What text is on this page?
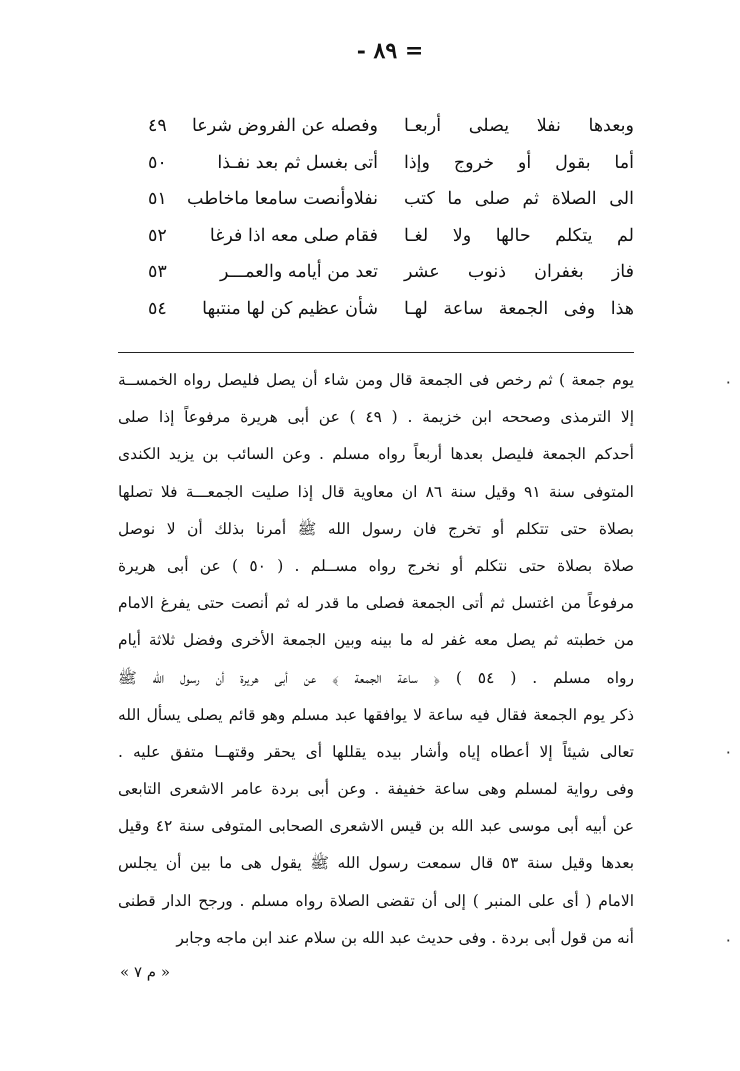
= ٨٩ -
وبعدها نفلا يصلى أربعـا
وفصله عن الفروض شرعا
٤٩
أما بقول أو خروج وإذا
أتى بغسل ثم بعد نفـذا
٥٠
الى الصلاة ثم صلى ما كتب
نفلاوأنصت سامعا ماخاطب
٥١
لم يتكلم حالها ولا لغـا
فقام صلى معه اذا فرغا
٥٢
فاز بغفران ذنوب عشر
تعد من أيامه والعمـــر
٥٣
هذا وفى الجمعة ساعة لهـا
شأن عظيم كن لها منتبها
٥٤
يوم جمعة ) ثم رخص فى الجمعة قال ومن شاء أن يصل فليصل رواه الخمســة
إلا الترمذى وصححه ابن خزيمة . ( ٤٩ ) عن أبى هريرة مرفوعاً إذا صلى
أحدكم الجمعة فليصل بعدها أربعاً رواه مسلم . وعن السائب بن يزيد الكندى
المتوفى سنة ٩١ وقيل سنة ٨٦ ان معاوية قال إذا صليت الجمعـــة فلا تصلها
بصلاة حتى تتكلم أو تخرج فان رسول الله ﷺ أمرنا بذلك أن لا نوصل
صلاة بصلاة حتى نتكلم أو نخرج رواه مســلم . ( ٥٠ ) عن أبى هريرة
مرفوعاً من اغتسل ثم أتى الجمعة فصلى ما قدر له ثم أنصت حتى يفرغ الامام
من خطبته ثم يصل معه غفر له ما بينه وبين الجمعة الأخرى وفضل ثلاثة أيام
رواه مسلم . ( ٥٤ ) ﴿ ساعة الجمعة ﴾ عن أبى هريرة أن رسول الله ﷺ
ذكر يوم الجمعة فقال فيه ساعة لا يوافقها عبد مسلم وهو قائم يصلى يسأل الله
تعالى شيئاً إلا أعطاه إياه وأشار بيده يقللها أى يحقر وقتهــا متفق عليه .
وفى رواية لمسلم وهى ساعة خفيفة . وعن أبى بردة عامر الاشعرى التابعى
عن أبيه أبى موسى عبد الله بن قيس الاشعرى الصحابى المتوفى سنة ٤٢ وقيل
بعدها وقيل سنة ٥٣ قال سمعت رسول الله ﷺ يقول هى ما بين أن يجلس
الامام ( أى على المنبر ) إلى أن تقضى الصلاة رواه مسلم . ورجح الدار قطنى
أنه من قول أبى بردة . وفى حديث عبد الله بن سلام عند ابن ماجه وجابر
« م ٧ »
٠
٠
٠
